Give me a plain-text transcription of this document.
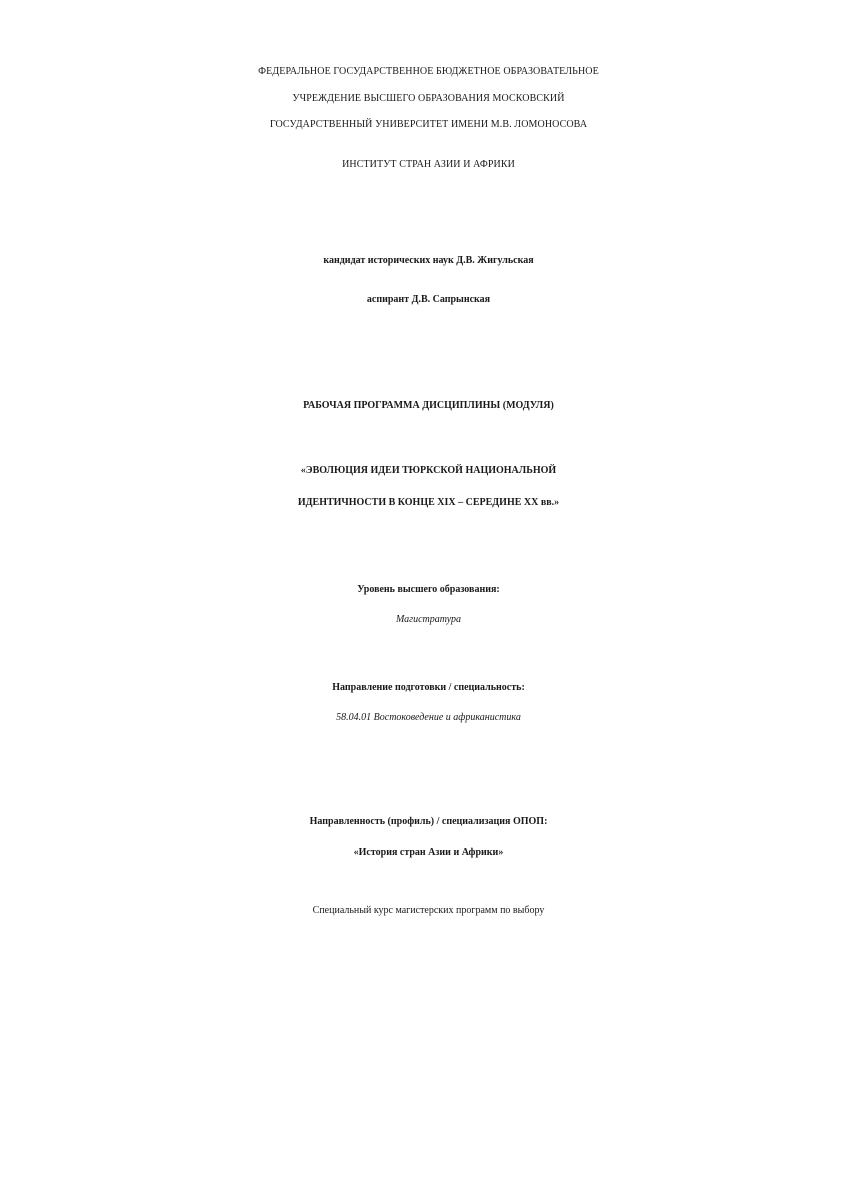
ФЕДЕРАЛЬНОЕ ГОСУДАРСТВЕННОЕ БЮДЖЕТНОЕ ОБРАЗОВАТЕЛЬНОЕ
УЧРЕЖДЕНИЕ ВЫСШЕГО ОБРАЗОВАНИЯ МОСКОВСКИЙ
ГОСУДАРСТВЕННЫЙ УНИВЕРСИТЕТ ИМЕНИ М.В. ЛОМОНОСОВА
ИНСТИТУТ СТРАН АЗИИ И АФРИКИ
кандидат исторических наук Д.В. Жигульская
аспирант Д.В. Сапрынская
РАБОЧАЯ ПРОГРАММА ДИСЦИПЛИНЫ (МОДУЛЯ)
«ЭВОЛЮЦИЯ ИДЕИ ТЮРКСКОЙ НАЦИОНАЛЬНОЙ
ИДЕНТИЧНОСТИ В КОНЦЕ XIX – СЕРЕДИНЕ XX вв.»
Уровень высшего образования:
Магистратура
Направление подготовки / специальность:
58.04.01 Востоковедение и африканистика
Направленность (профиль) / специализация ОПОП:
«История стран Азии и Африки»
Специальный курс магистерских программ по выбору
